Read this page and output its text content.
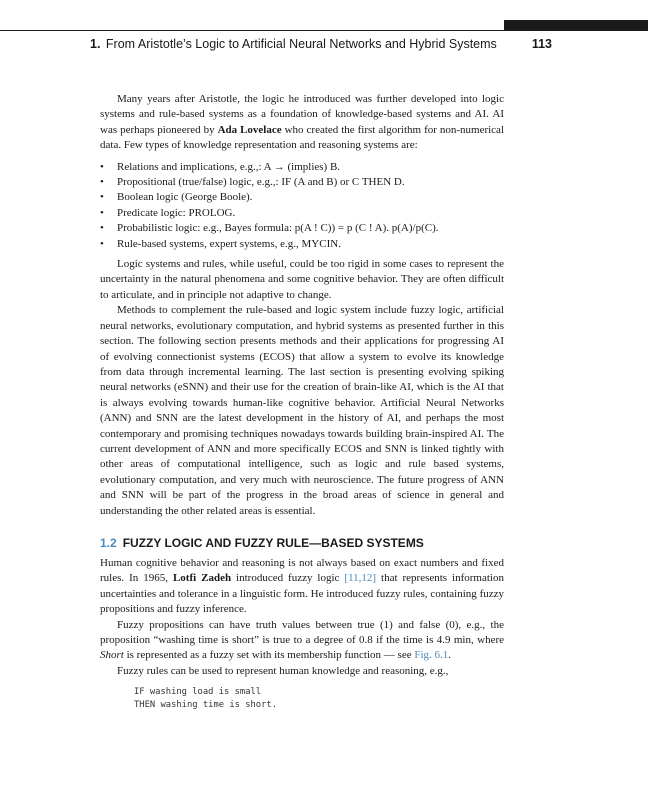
1. From Aristotle’s Logic to Artificial Neural Networks and Hybrid Systems	113

Many years after Aristotle, the logic he introduced was further developed into logic systems and rule-based systems as a foundation of knowledge-based systems and AI. AI was perhaps pioneered by Ada Lovelace who created the first algorithm for non-numerical data. Few types of knowledge representation and reasoning systems are:

• Relations and implications, e.g.,: A → (implies) B.
• Propositional (true/false) logic, e.g.,: IF (A and B) or C THEN D.
• Boolean logic (George Boole).
• Predicate logic: PROLOG.
• Probabilistic logic: e.g., Bayes formula: p(A ! C)) = p (C ! A). p(A)/p(C).
• Rule-based systems, expert systems, e.g., MYCIN.

Logic systems and rules, while useful, could be too rigid in some cases to represent the uncertainty in the natural phenomena and some cognitive behavior. They are often difficult to articulate, and in principle not adaptive to change.

Methods to complement the rule-based and logic system include fuzzy logic, artificial neural networks, evolutionary computation, and hybrid systems as presented further in this section. The following section presents methods and their applications for progressing AI of evolving connectionist systems (ECOS) that allow a system to evolve its knowledge from data through incremental learning. The last section is presenting evolving spiking neural networks (eSNN) and their use for the creation of brain-like AI, which is the AI that is always evolving towards human-like cognitive behavior. Artificial Neural Networks (ANN) and SNN are the latest development in the history of AI, and perhaps the most contemporary and promising techniques nowadays towards building brain-inspired AI. The current development of ANN and more specifically ECOS and SNN is linked tightly with other areas of computational intelligence, such as logic and rule based systems, evolutionary computation, and very much with neuroscience. The future progress of ANN and SNN will be part of the progress in the broad areas of science in general and understanding the other related areas is essential.

1.2 FUZZY LOGIC AND FUZZY RULE—BASED SYSTEMS

Human cognitive behavior and reasoning is not always based on exact numbers and fixed rules. In 1965, Lotfi Zadeh introduced fuzzy logic [11,12] that represents information uncertainties and tolerance in a linguistic form. He introduced fuzzy rules, containing fuzzy propositions and fuzzy inference.

Fuzzy propositions can have truth values between true (1) and false (0), e.g., the proposition “washing time is short” is true to a degree of 0.8 if the time is 4.9 min, where Short is represented as a fuzzy set with its membership function — see Fig. 6.1.

Fuzzy rules can be used to represent human knowledge and reasoning, e.g.,

IF washing load is small
THEN washing time is short.
